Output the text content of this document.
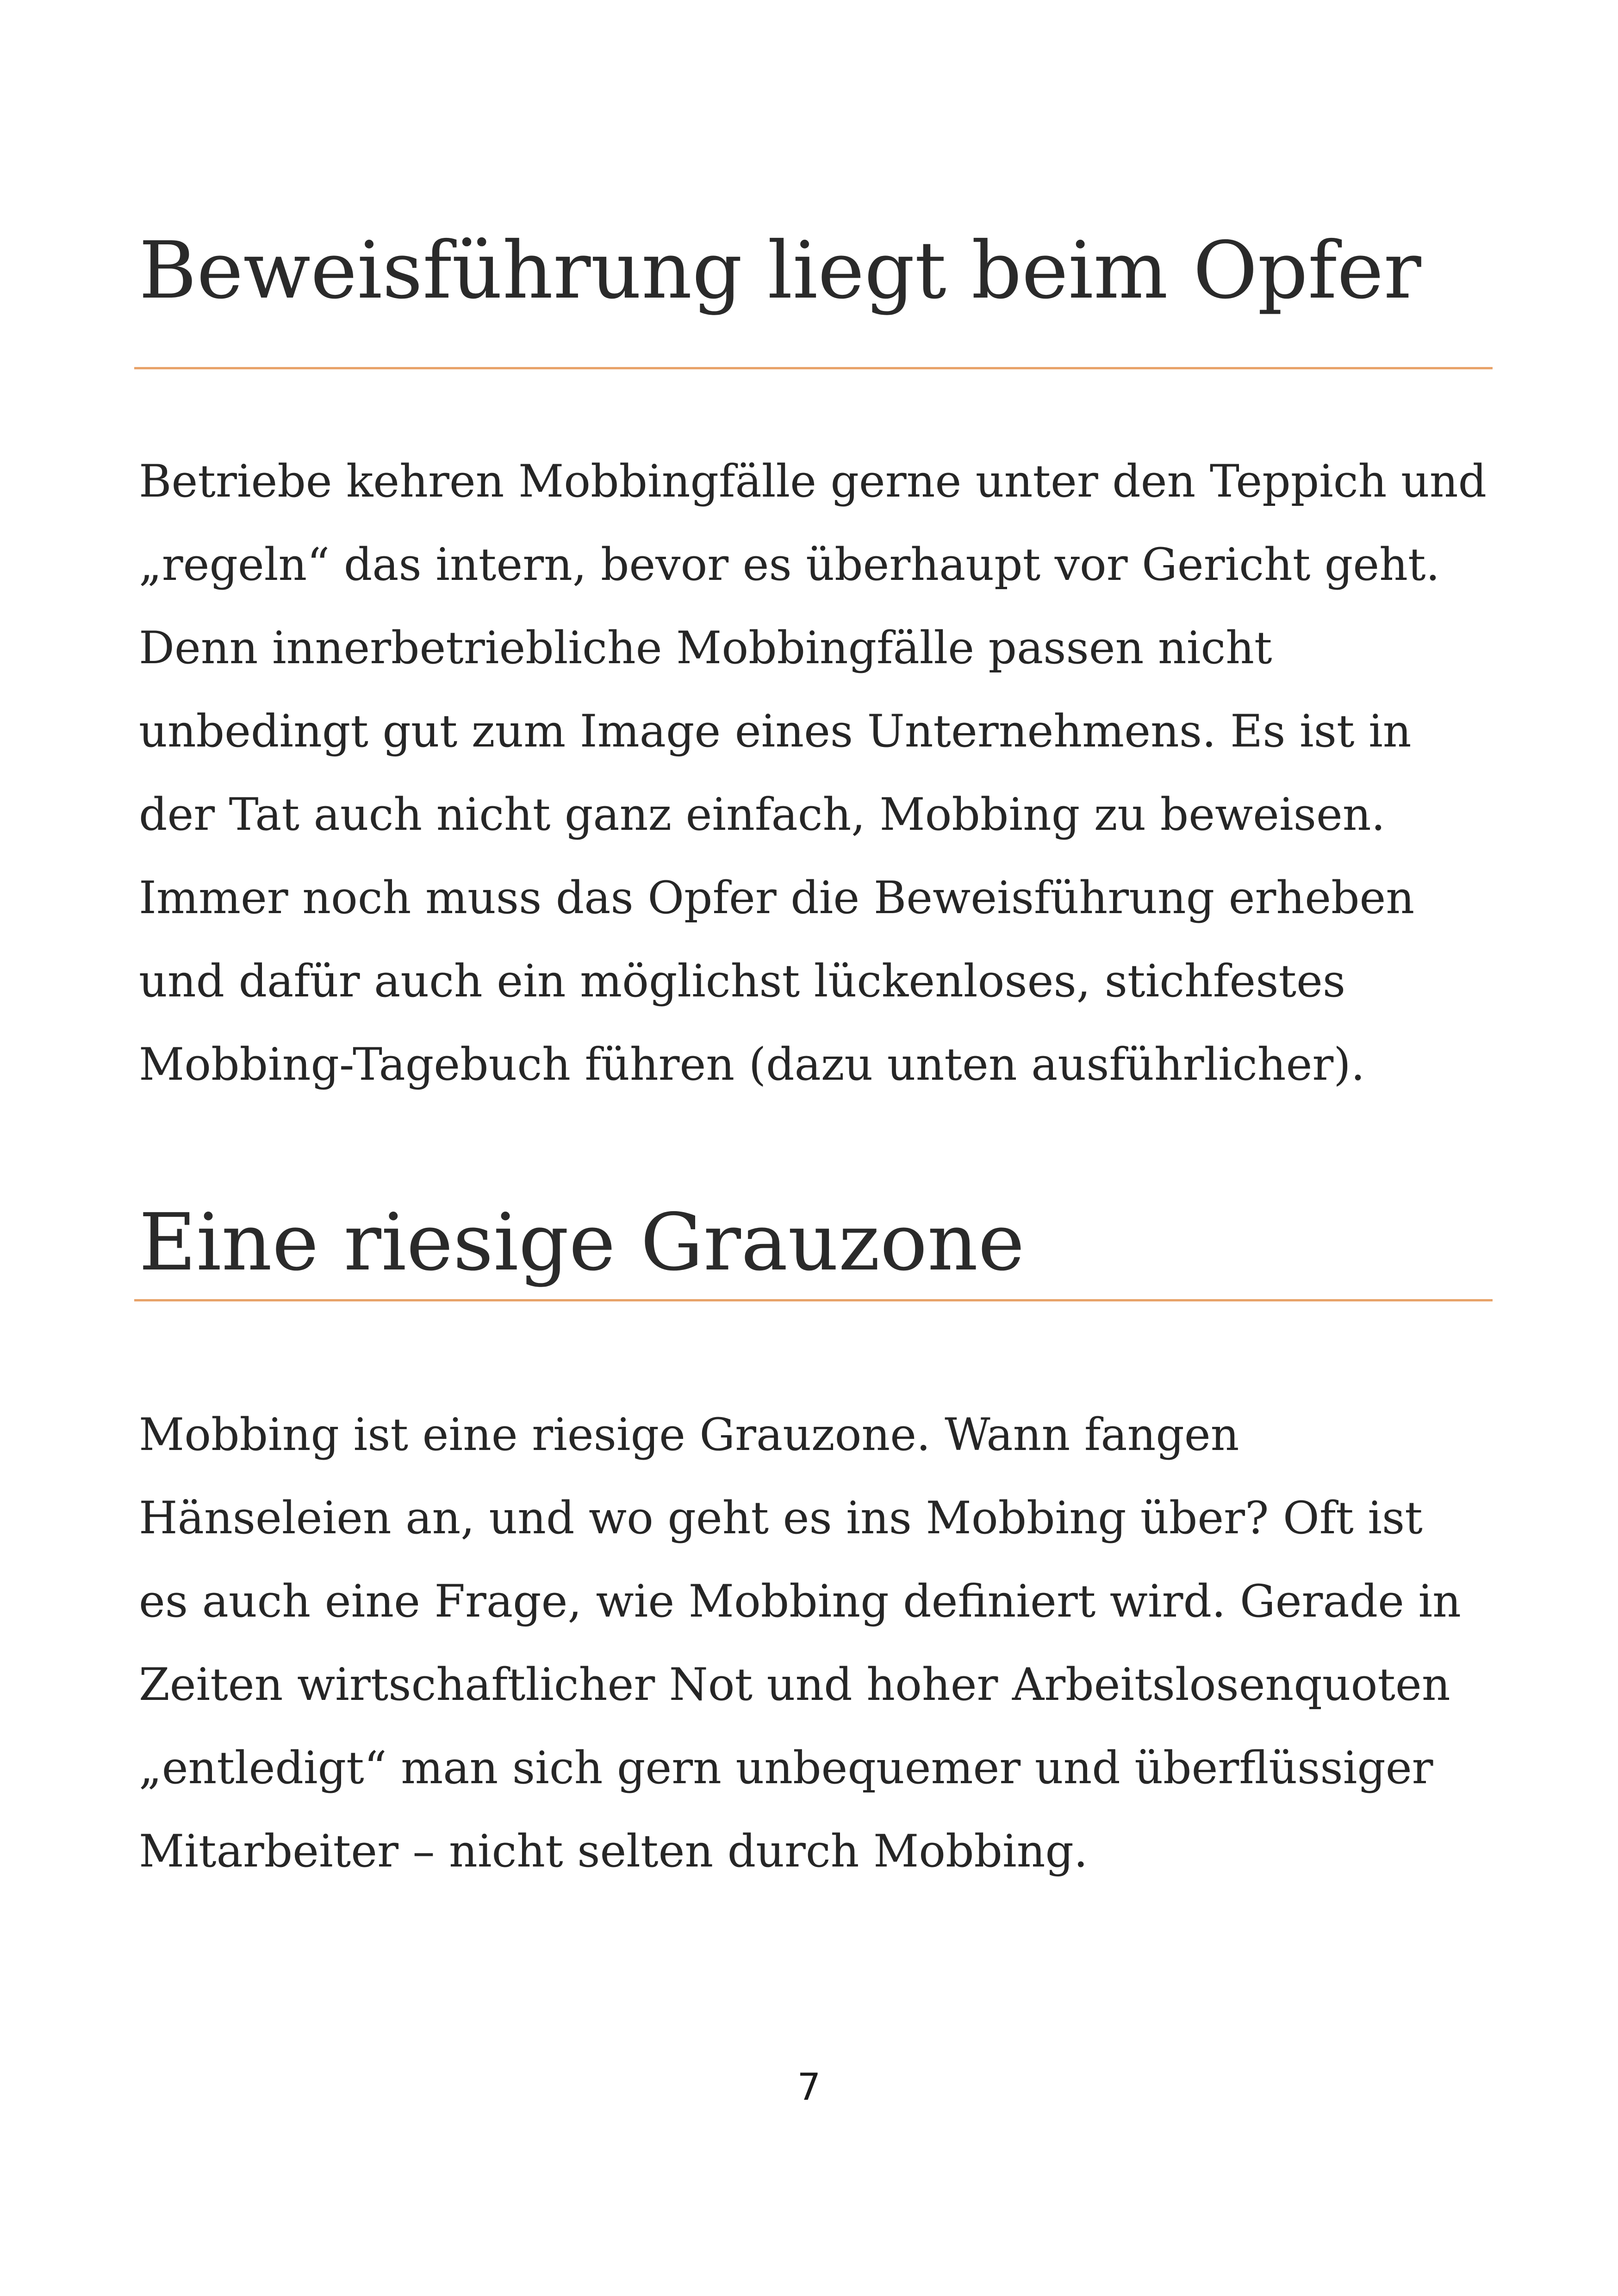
Beweisführung liegt beim Opfer

Betriebe kehren Mobbingfälle gerne unter den Teppich und
„regeln“ das intern, bevor es überhaupt vor Gericht geht.
Denn innerbetriebliche Mobbingfälle passen nicht
unbedingt gut zum Image eines Unternehmens. Es ist in
der Tat auch nicht ganz einfach, Mobbing zu beweisen.
Immer noch muss das Opfer die Beweisführung erheben
und dafür auch ein möglichst lückenloses, stichfestes
Mobbing-Tagebuch führen (dazu unten ausführlicher).

Eine riesige Grauzone

Mobbing ist eine riesige Grauzone. Wann fangen
Hänseleien an, und wo geht es ins Mobbing über? Oft ist
es auch eine Frage, wie Mobbing definiert wird. Gerade in
Zeiten wirtschaftlicher Not und hoher Arbeitslosenquoten
„entledigt“ man sich gern unbequemer und überflüssiger
Mitarbeiter – nicht selten durch Mobbing.

7
